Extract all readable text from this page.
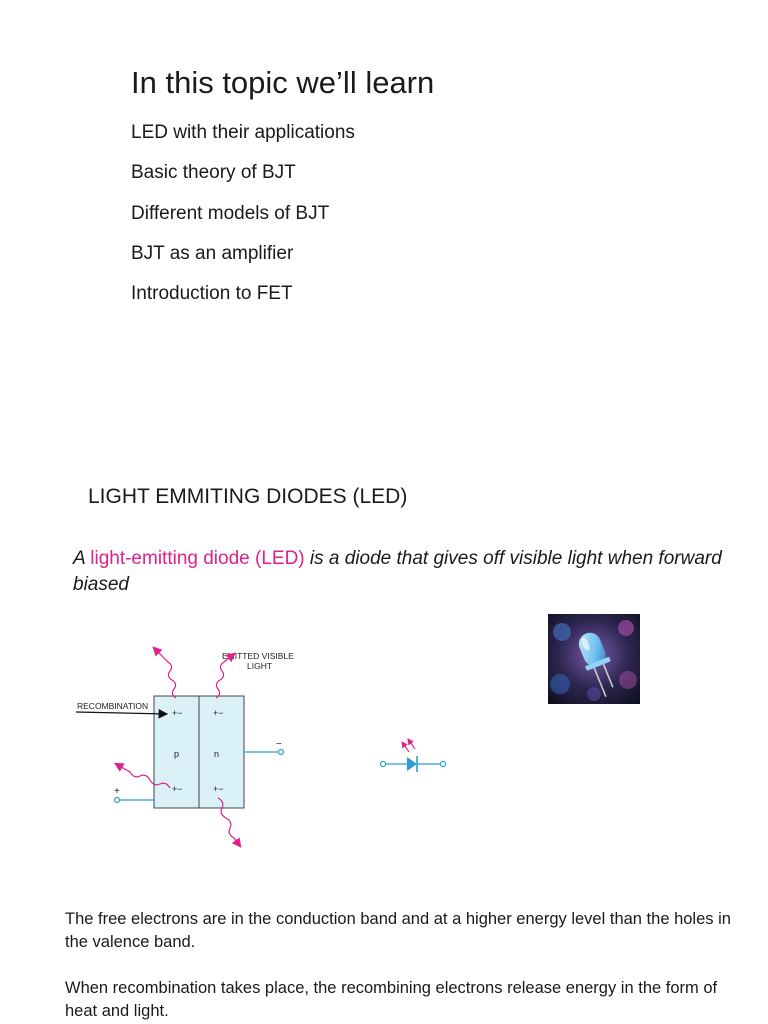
In this topic we’ll learn
LED with their applications
Basic theory of BJT
Different models of BJT
BJT as an amplifier
Introduction to FET
LIGHT EMMITING DIODES (LED)

A light-emitting diode (LED) is a diode that gives off visible light when forward biased

EMITTED VISIBLE
LIGHT
RECOMBINATION
+−	+−
+−	+−
p	n
−
+

The free electrons are in the conduction band and at a higher energy level than the holes in the valence band.

When recombination takes place, the recombining electrons release energy in the form of heat and light.
